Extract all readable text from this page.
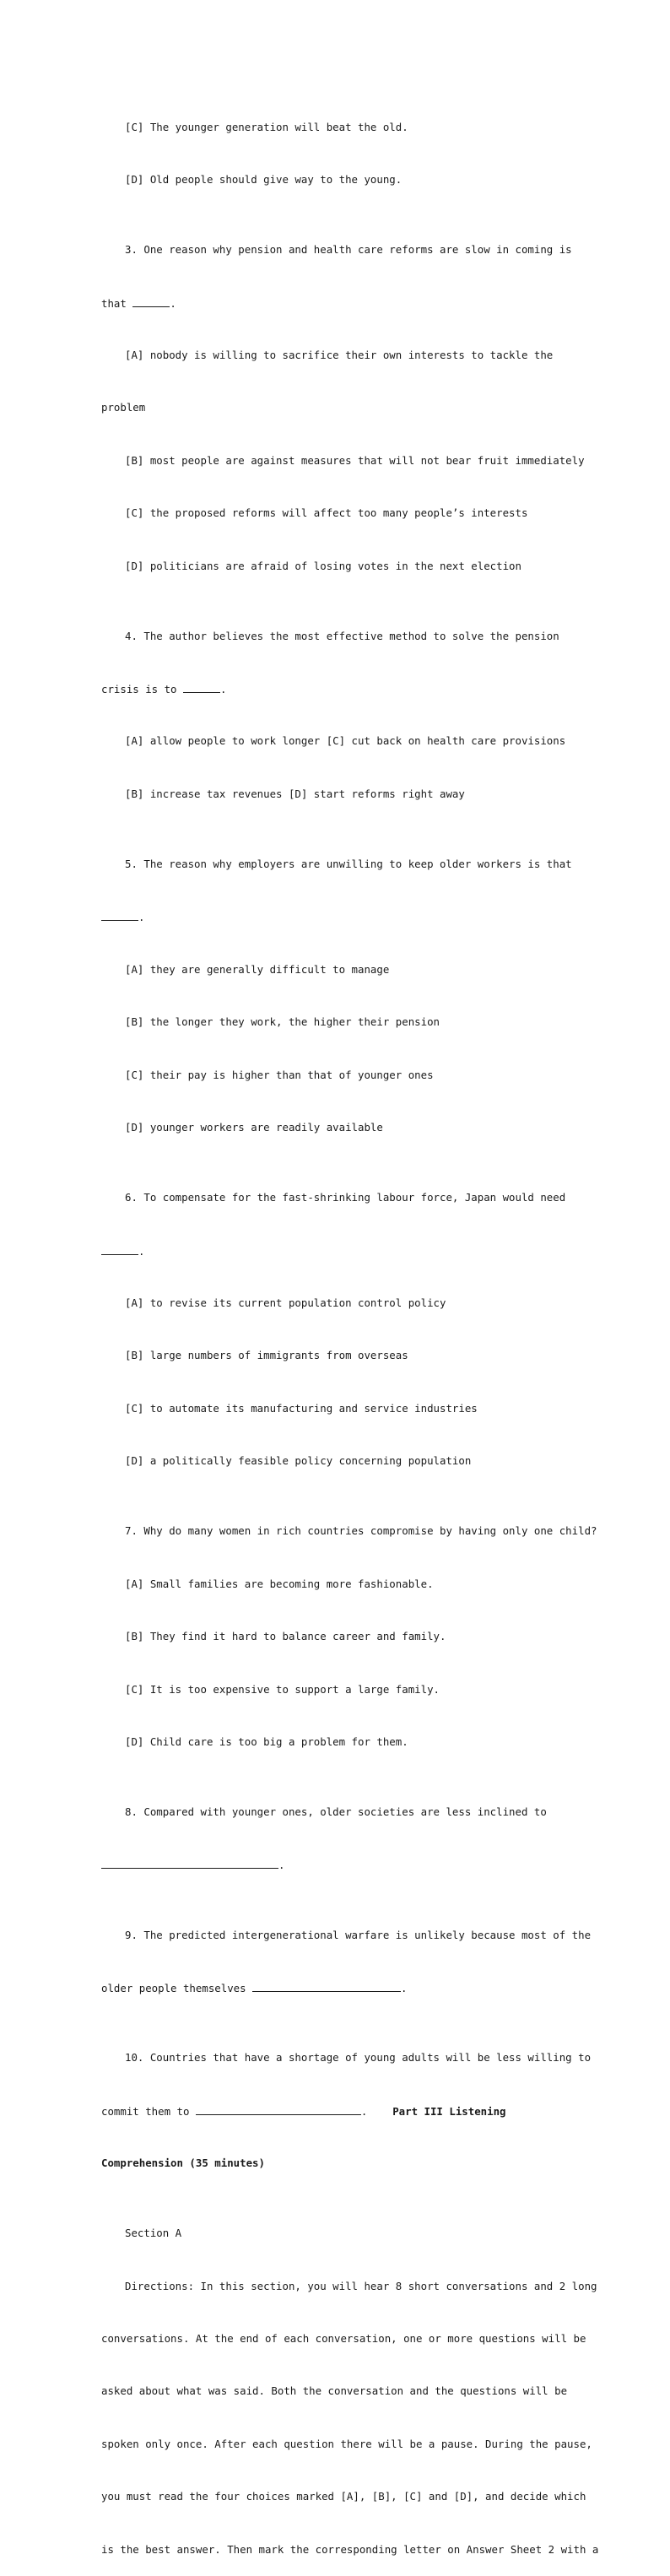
[C] The younger generation will beat the old.

[D] Old people should give way to the young.

3. One reason why pension and health care reforms are slow in coming is

that	.

[A] nobody is willing to sacrifice their own interests to tackle the

problem

[B] most people are against measures that will not bear fruit immediately

[C] the proposed reforms will affect too many people’s interests

[D] politicians are afraid of losing votes in the next election

4. The author believes the most effective method to solve the pension

crisis is to	.

[A] allow people to work longer [C] cut back on health care provisions

[B] increase tax revenues [D] start reforms right away

5. The reason why employers are unwilling to keep older workers is that

.

[A] they are generally difficult to manage

[B] the longer they work, the higher their pension

[C] their pay is higher than that of younger ones

[D] younger workers are readily available

6. To compensate for the fast-shrinking labour force, Japan would need

.

[A] to revise its current population control policy

[B] large numbers of immigrants from overseas

[C] to automate its manufacturing and service industries

[D] a politically feasible policy concerning population

7. Why do many women in rich countries compromise by having only one child?

[A] Small families are becoming more fashionable.

[B] They find it hard to balance career and family.

[C] It is too expensive to support a large family.

[D] Child care is too big a problem for them.

8. Compared with younger ones, older societies are less inclined to

.

9. The predicted intergenerational warfare is unlikely because most of the

older people themselves	.

10. Countries that have a shortage of young adults will be less willing to

commit them to	. Part III Listening

Comprehension (35 minutes)

Section A

Directions: In this section, you will hear 8 short conversations and 2 long

conversations. At the end of each conversation, one or more questions will be

asked about what was said. Both the conversation and the questions will be

spoken only once. After each question there will be a pause. During the pause,

you must read the four choices marked [A], [B], [C] and [D], and decide which

is the best answer. Then mark the corresponding letter on Answer Sheet 2 with a
